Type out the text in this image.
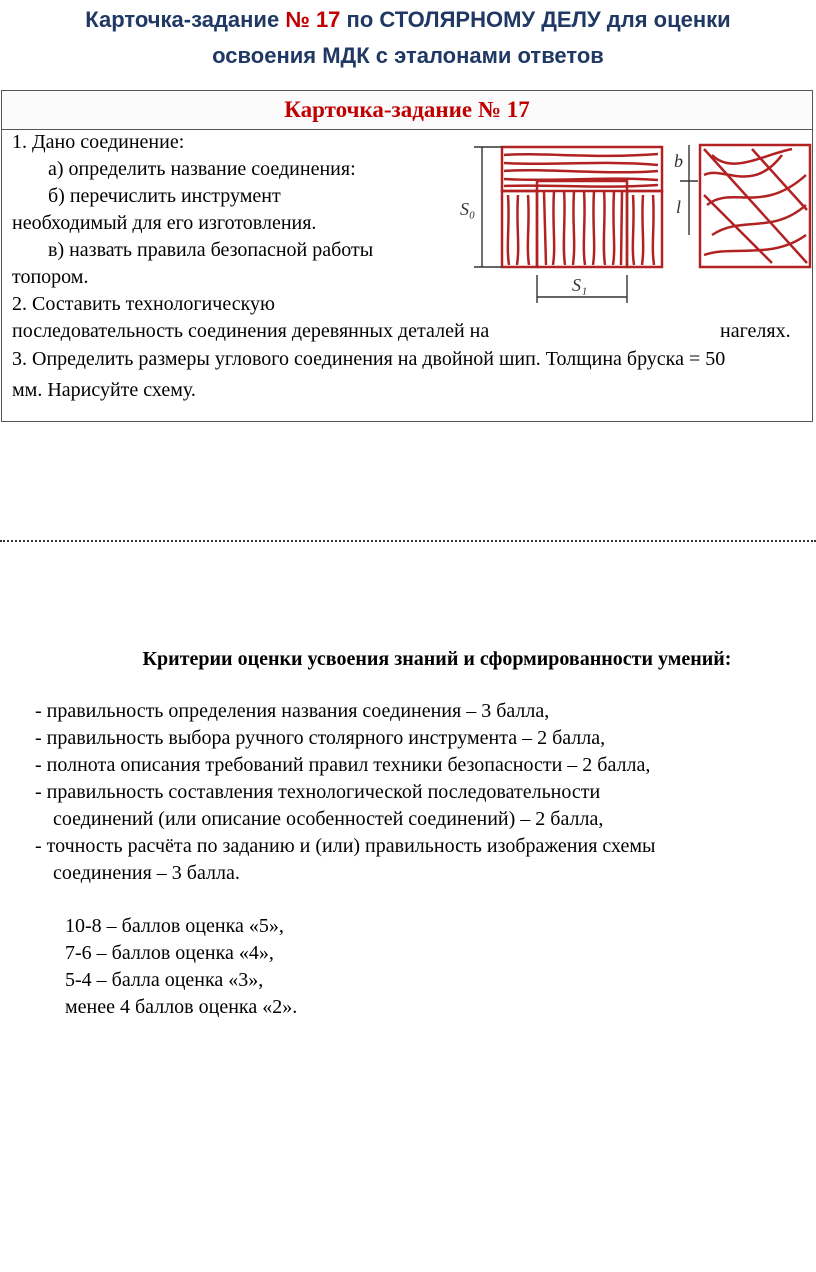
Карточка-задание № 17 по СТОЛЯРНОМУ ДЕЛУ для оценки
освоения МДК с эталонами ответов
Карточка-задание № 17
1. Дано соединение:
а) определить название соединения:
б) перечислить инструмент
необходимый для его изготовления.
в) назвать правила безопасной работы
топором.
2. Составить технологическую
последовательность соединения деревянных деталей на	нагелях.
3. Определить размеры углового соединения на двойной шип. Толщина бруска = 50
мм. Нарисуйте схему.
S₀
S₁
b
l
Критерии оценки усвоения знаний и сформированности умений:
- правильность определения названия соединения – 3 балла,
- правильность выбора ручного столярного инструмента – 2 балла,
- полнота описания требований правил техники безопасности – 2 балла,
- правильность составления технологической последовательности
соединений (или описание особенностей соединений) – 2 балла,
- точность расчёта по заданию и (или) правильность изображения схемы
соединения – 3 балла.
10-8 – баллов оценка «5»,
7-6 – баллов оценка «4»,
5-4 – балла оценка «3»,
менее 4 баллов оценка «2».
